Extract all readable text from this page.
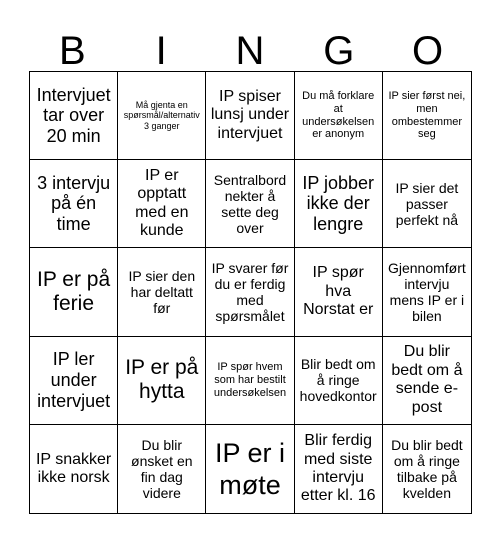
B	I	N	G	O
Intervjuet tar over 20 min
Må gjenta en spørsmål/alternativ 3 ganger
IP spiser lunsj under intervjuet
Du må forklare at undersøkelsen er anonym
IP sier først nei, men ombestemmer seg
3 intervju på én time
IP er opptatt med en kunde
Sentralbord nekter å sette deg over
IP jobber ikke der lengre
IP sier det passer perfekt nå
IP er på ferie
IP sier den har deltatt før
IP svarer før du er ferdig med spørsmålet
IP spør hva Norstat er
Gjennomført intervju mens IP er i bilen
IP ler under intervjuet
IP er på hytta
IP spør hvem som har bestilt undersøkelsen
Blir bedt om å ringe hovedkontor
Du blir bedt om å sende e-post
IP snakker ikke norsk
Du blir ønsket en fin dag videre
IP er i møte
Blir ferdig med siste intervju etter kl. 16
Du blir bedt om å ringe tilbake på kvelden
